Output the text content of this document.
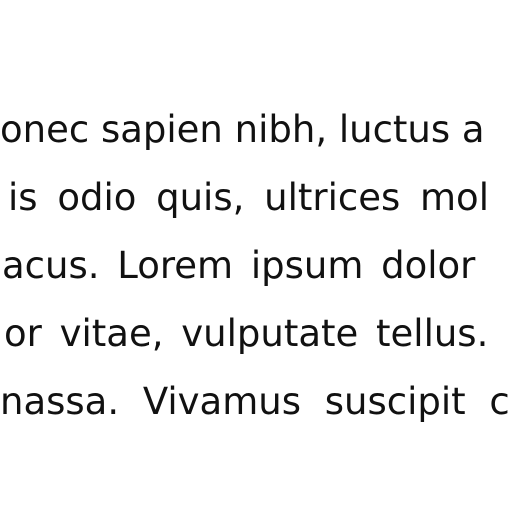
onec sapien nibh, luctus a

is odio quis, ultrices mol

acus. Lorem ipsum dolor

or vitae, vulputate tellus.

nassa. Vivamus suscipit c
